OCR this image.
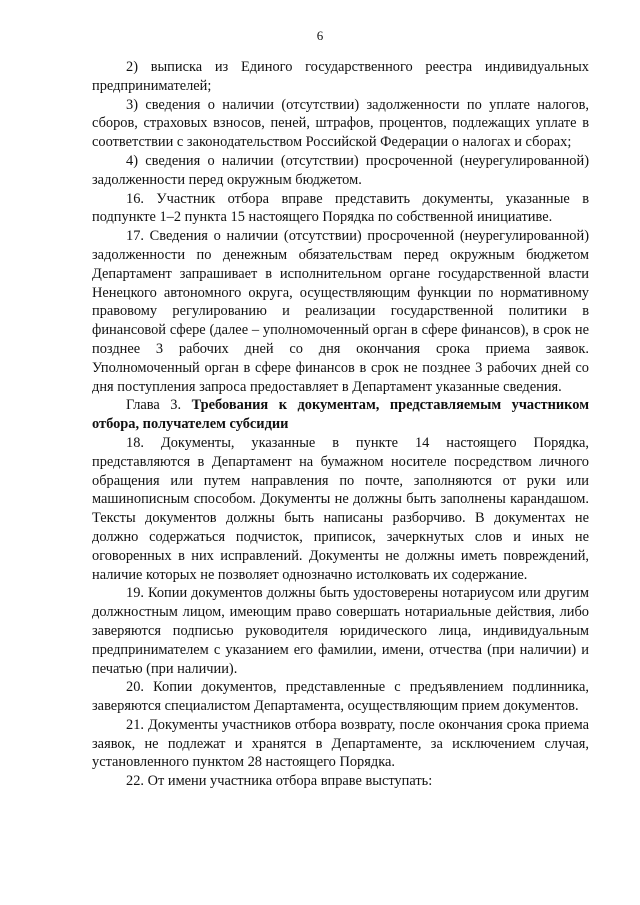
6

2) выписка из Единого государственного реестра индивидуальных предпринимателей;

3) сведения о наличии (отсутствии) задолженности по уплате налогов, сборов, страховых взносов, пеней, штрафов, процентов, подлежащих уплате в соответствии с законодательством Российской Федерации о налогах и сборах;

4) сведения о наличии (отсутствии) просроченной (неурегулированной) задолженности перед окружным бюджетом.

16. Участник отбора вправе представить документы, указанные в подпункте 1–2 пункта 15 настоящего Порядка по собственной инициативе.

17. Сведения о наличии (отсутствии) просроченной (неурегулированной) задолженности по денежным обязательствам перед окружным бюджетом Департамент запрашивает в исполнительном органе государственной власти Ненецкого автономного округа, осуществляющим функции по нормативному правовому регулированию и реализации государственной политики в финансовой сфере (далее – уполномоченный орган в сфере финансов), в срок не позднее 3 рабочих дней со дня окончания срока приема заявок. Уполномоченный орган в сфере финансов в срок не позднее 3 рабочих дней со дня поступления запроса предоставляет в Департамент указанные сведения.

Глава 3. Требования к документам, представляемым участником отбора, получателем субсидии

18. Документы, указанные в пункте 14 настоящего Порядка, представляются в Департамент на бумажном носителе посредством личного обращения или путем направления по почте, заполняются от руки или машинописным способом. Документы не должны быть заполнены карандашом. Тексты документов должны быть написаны разборчиво. В документах не должно содержаться подчисток, приписок, зачеркнутых слов и иных не оговоренных в них исправлений. Документы не должны иметь повреждений, наличие которых не позволяет однозначно истолковать их содержание.

19. Копии документов должны быть удостоверены нотариусом или другим должностным лицом, имеющим право совершать нотариальные действия, либо заверяются подписью руководителя юридического лица, индивидуальным предпринимателем с указанием его фамилии, имени, отчества (при наличии) и печатью (при наличии).

20. Копии документов, представленные с предъявлением подлинника, заверяются специалистом Департамента, осуществляющим прием документов.

21. Документы участников отбора возврату, после окончания срока приема заявок, не подлежат и хранятся в Департаменте, за исключением случая, установленного пунктом 28 настоящего Порядка.

22. От имени участника отбора вправе выступать:
